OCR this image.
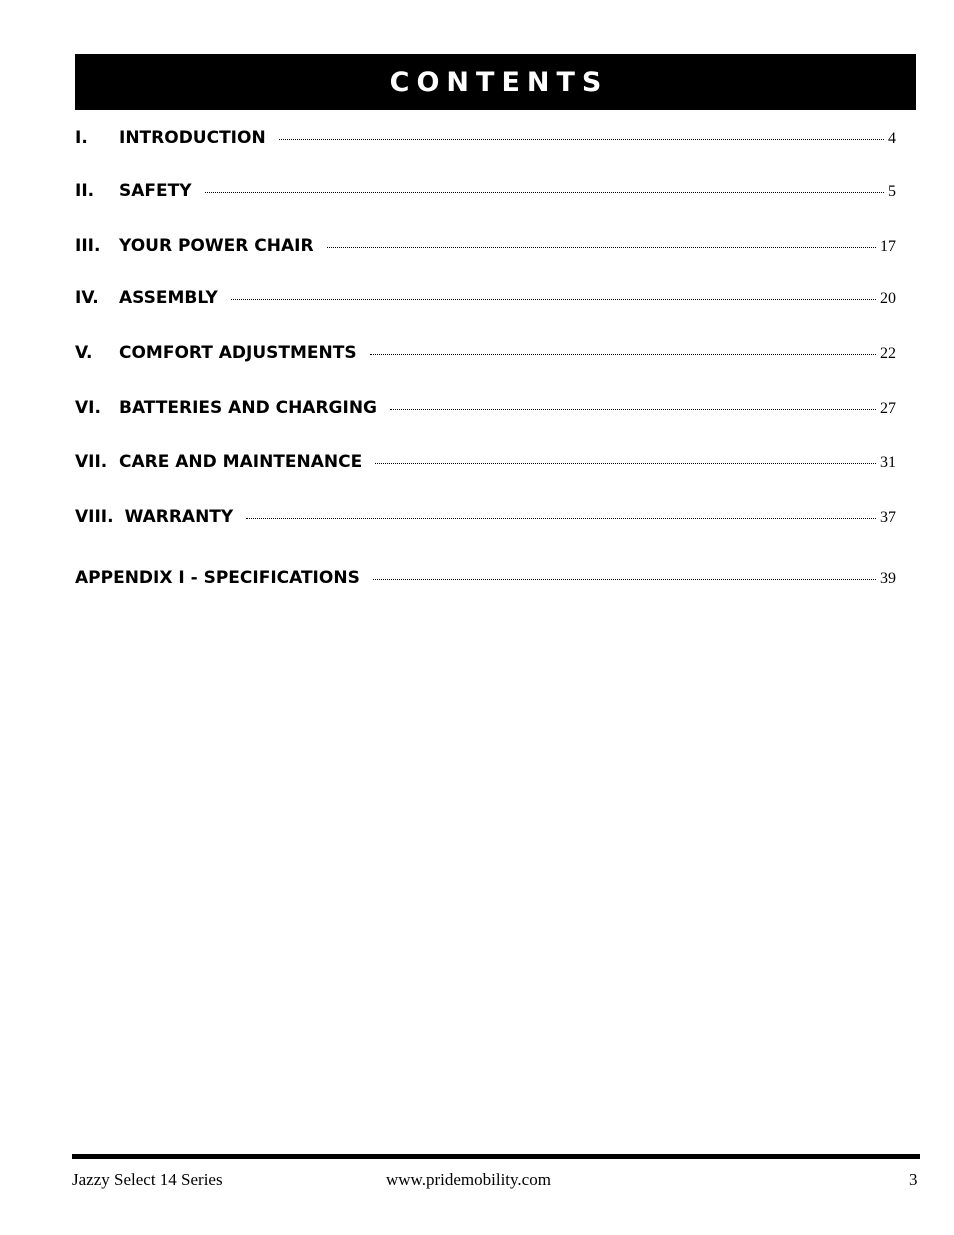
CONTENTS
I.	INTRODUCTION	4
II.	SAFETY	5
III.	YOUR POWER CHAIR	17
IV.	ASSEMBLY	20
V.	COMFORT ADJUSTMENTS	22
VI.	BATTERIES AND CHARGING	27
VII. CARE AND MAINTENANCE	31
VIII. WARRANTY	37
APPENDIX I - SPECIFICATIONS	39
Jazzy Select 14 Series	www.pridemobility.com	3
